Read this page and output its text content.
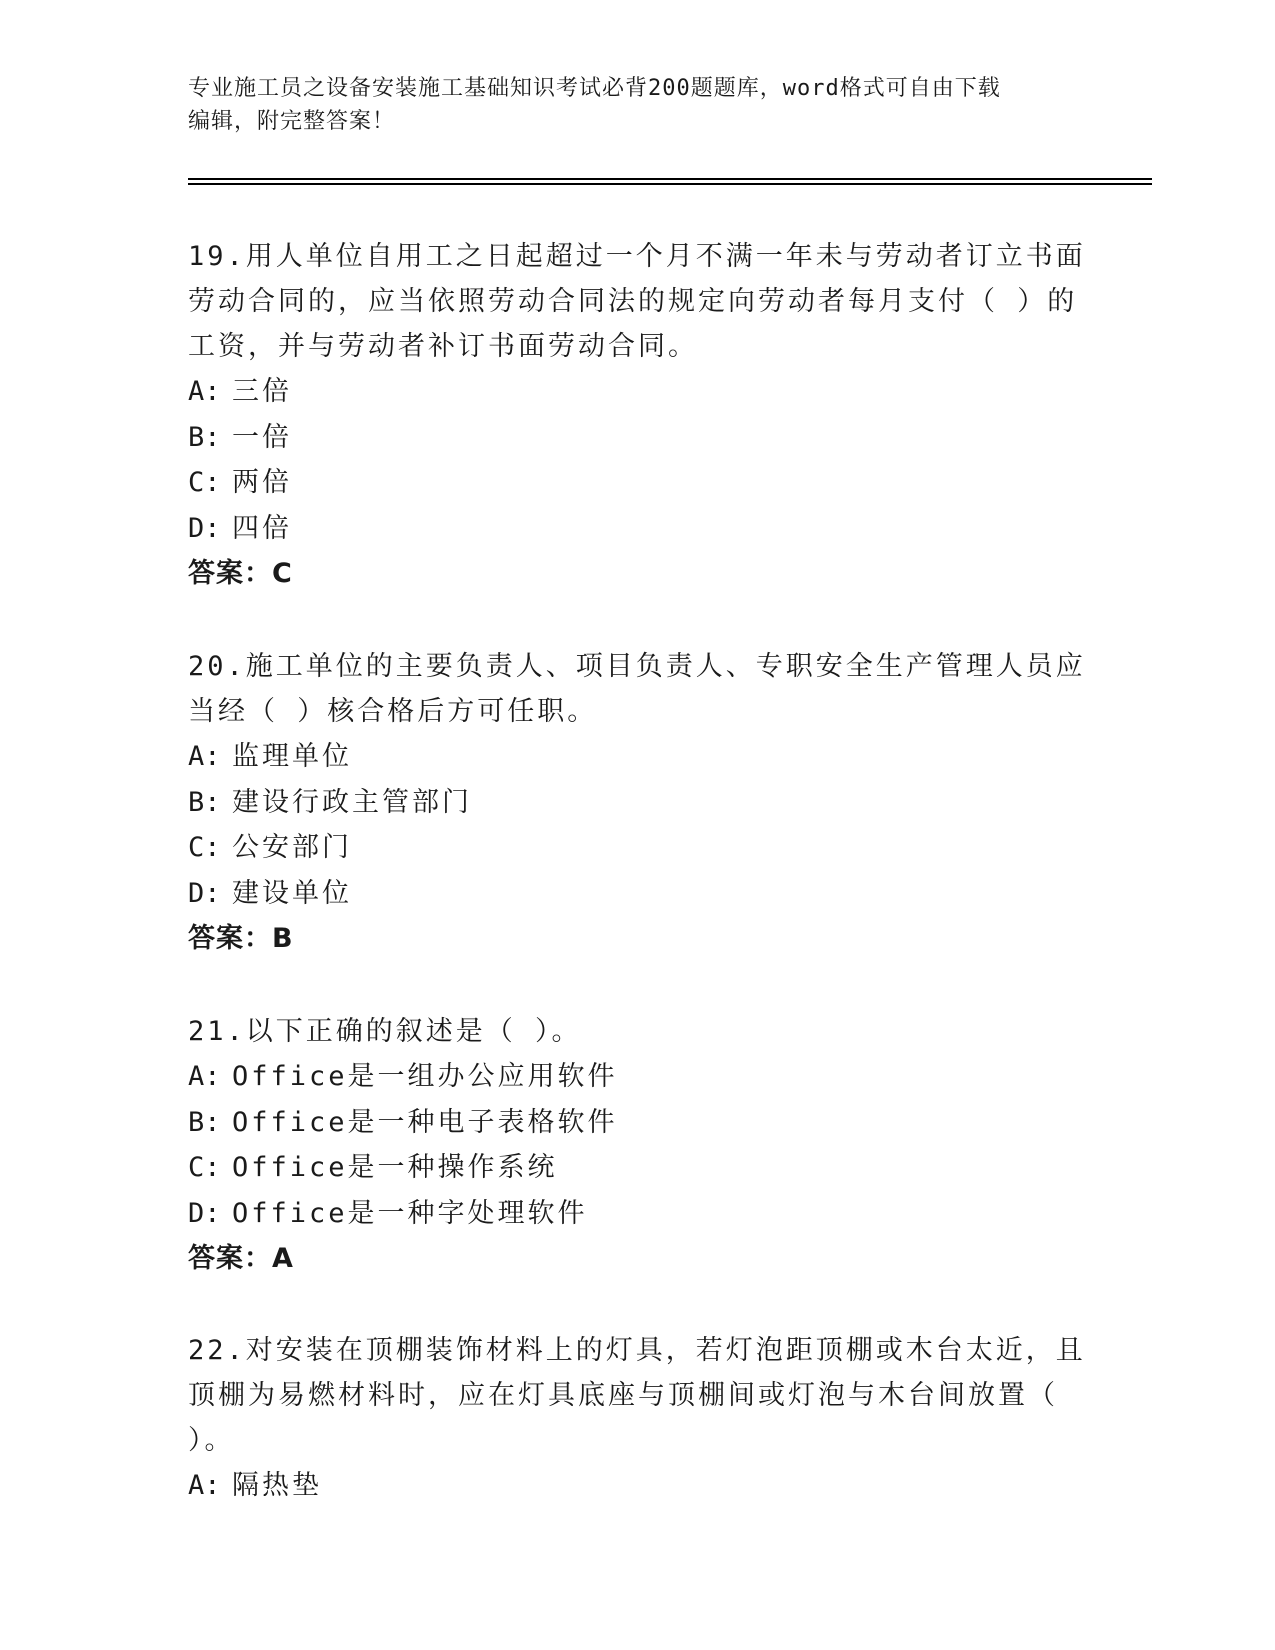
专业施工员之设备安装施工基础知识考试必背200题题库，word格式可自由下载
编辑，附完整答案！

19.用人单位自用工之日起超过一个月不满一年未与劳动者订立书面劳动合同的，应当依照劳动合同法的规定向劳动者每月支付（ ）的工资，并与劳动者补订书面劳动合同。

A: 三倍
B: 一倍
C: 两倍
D: 四倍
答案：C

20.施工单位的主要负责人、项目负责人、专职安全生产管理人员应当经（ ）核合格后方可任职。

A: 监理单位
B: 建设行政主管部门
C: 公安部门
D: 建设单位
答案：B

21.以下正确的叙述是（ ）。

A: Office是一组办公应用软件
B: Office是一种电子表格软件
C: Office是一种操作系统
D: Office是一种字处理软件
答案：A

22.对安装在顶棚装饰材料上的灯具，若灯泡距顶棚或木台太近，且顶棚为易燃材料时，应在灯具底座与顶棚间或灯泡与木台间放置（ ）。

A: 隔热垫
